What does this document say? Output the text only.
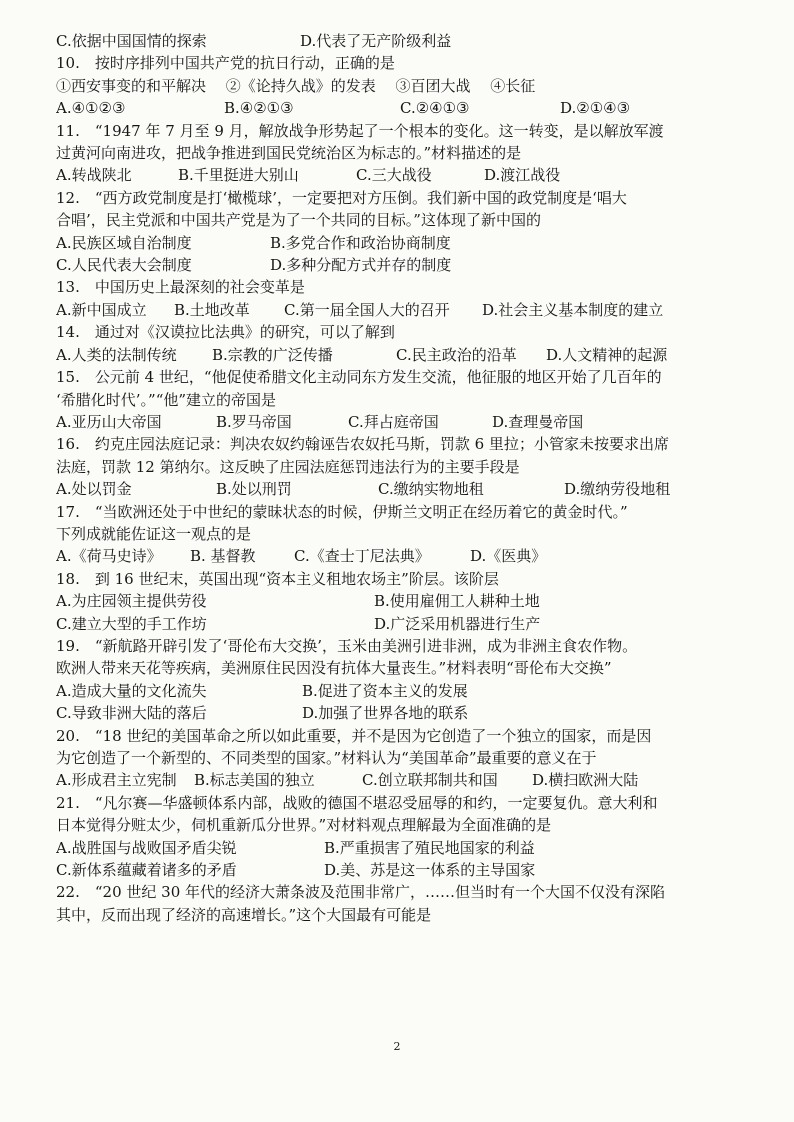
C.依据中国国情的探索	D.代表了无产阶级利益
10.　按时序排列中国共产党的抗日行动，正确的是
①西安事变的和平解决　 ②《论持久战》的发表　 ③百团大战　 ④长征
A.④①②③	B.④②①③	C.②④①③	D.②①④③
11.　“1947 年 7 月至 9 月，解放战争形势起了一个根本的变化。这一转变，是以解放军渡
过黄河向南进攻，把战争推进到国民党统治区为标志的。”材料描述的是
A.转战陕北	B.千里挺进大别山	C.三大战役	D.渡江战役
12.　“西方政党制度是打‘橄榄球’，一定要把对方压倒。我们新中国的政党制度是‘唱大
合唱’，民主党派和中国共产党是为了一个共同的目标。”这体现了新中国的
A.民族区域自治制度	B.多党合作和政治协商制度
C.人民代表大会制度	D.多种分配方式并存的制度
13.　中国历史上最深刻的社会变革是
A.新中国成立	B.土地改革	C.第一届全国人大的召开	D.社会主义基本制度的建立
14.　通过对《汉谟拉比法典》的研究，可以了解到
A.人类的法制传统	B.宗教的广泛传播	C.民主政治的沿革	D.人文精神的起源
15.　公元前 4 世纪，“他促使希腊文化主动同东方发生交流，他征服的地区开始了几百年的
‘希腊化时代’。”“他”建立的帝国是
A.亚历山大帝国	B.罗马帝国	C.拜占庭帝国	D.查理曼帝国
16.　约克庄园法庭记录：判决农奴约翰诬告农奴托马斯，罚款 6 里拉；小管家未按要求出席
法庭，罚款 12 第纳尔。这反映了庄园法庭惩罚违法行为的主要手段是
A.处以罚金	B.处以刑罚	C.缴纳实物地租	D.缴纳劳役地租
17.　“当欧洲还处于中世纪的蒙昧状态的时候，伊斯兰文明正在经历着它的黄金时代。”
下列成就能佐证这一观点的是
A.《荷马史诗》	B. 基督教	C.《查士丁尼法典》	D.《医典》
18.　到 16 世纪末，英国出现“资本主义租地农场主”阶层。该阶层
A.为庄园领主提供劳役	B.使用雇佣工人耕种土地
C.建立大型的手工作坊	D.广泛采用机器进行生产
19.　“新航路开辟引发了‘哥伦布大交换’，玉米由美洲引进非洲，成为非洲主食农作物。
欧洲人带来天花等疾病，美洲原住民因没有抗体大量丧生。”材料表明“哥伦布大交换”
A.造成大量的文化流失	B.促进了资本主义的发展
C.导致非洲大陆的落后	D.加强了世界各地的联系
20.　“18 世纪的美国革命之所以如此重要，并不是因为它创造了一个独立的国家，而是因
为它创造了一个新型的、不同类型的国家。”材料认为“美国革命”最重要的意义在于
A.形成君主立宪制	B.标志美国的独立	C.创立联邦制共和国	D.横扫欧洲大陆
21.　“凡尔赛—华盛顿体系内部，战败的德国不堪忍受屈辱的和约，一定要复仇。意大利和
日本觉得分赃太少，伺机重新瓜分世界。”对材料观点理解最为全面准确的是
A.战胜国与战败国矛盾尖锐	B.严重损害了殖民地国家的利益
C.新体系蕴藏着诸多的矛盾	D.美、苏是这一体系的主导国家
22.　“20 世纪 30 年代的经济大萧条波及范围非常广，……但当时有一个大国不仅没有深陷
其中，反而出现了经济的高速增长。”这个大国最有可能是
2
